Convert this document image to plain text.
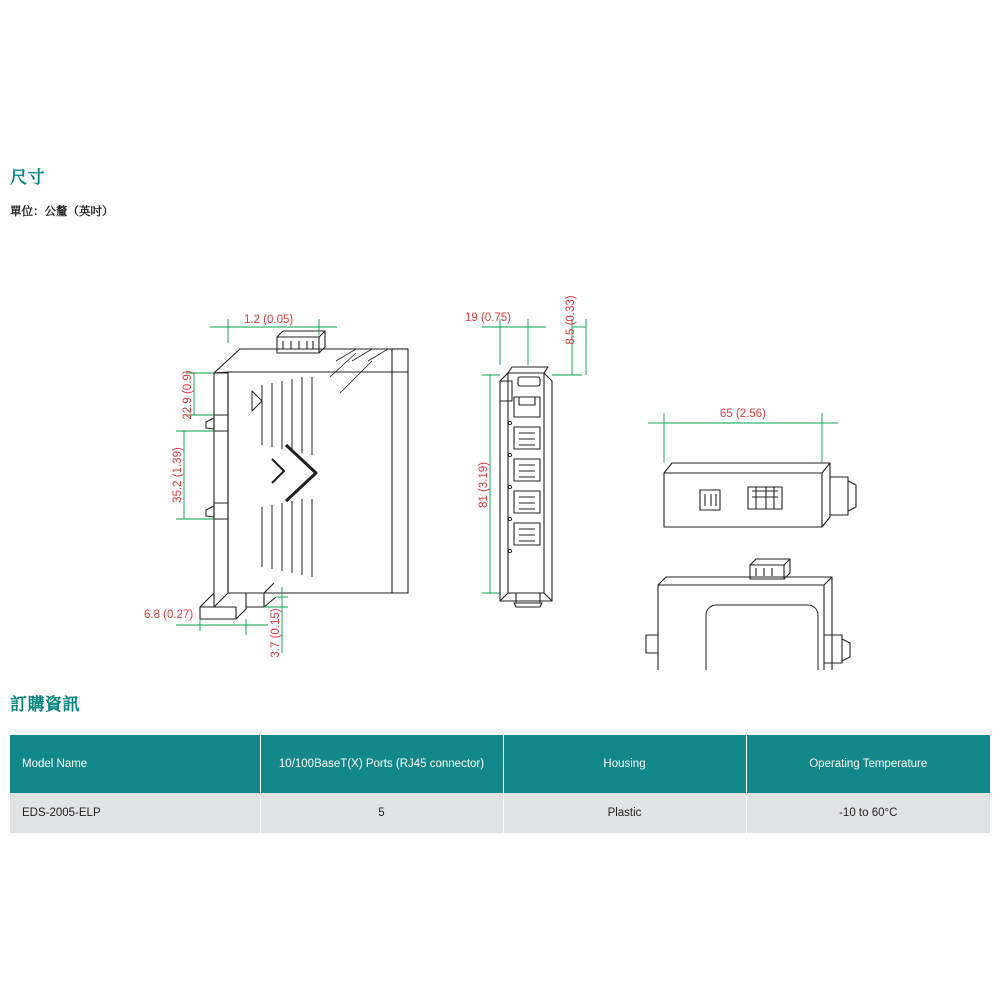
尺寸
單位：公釐（英吋）
1.2 (0.05)
22.9 (0.9)
35.2 (1.39)
6.8 (0.27)	3.7 (0.15)
19 (0.75)	8.5 (0.33)
81 (3.19)
65 (2.56)
訂購資訊
Model Name	10/100BaseT(X) Ports (RJ45 connector)	Housing	Operating Temperature
EDS-2005-ELP	5	Plastic	-10 to 60°C
